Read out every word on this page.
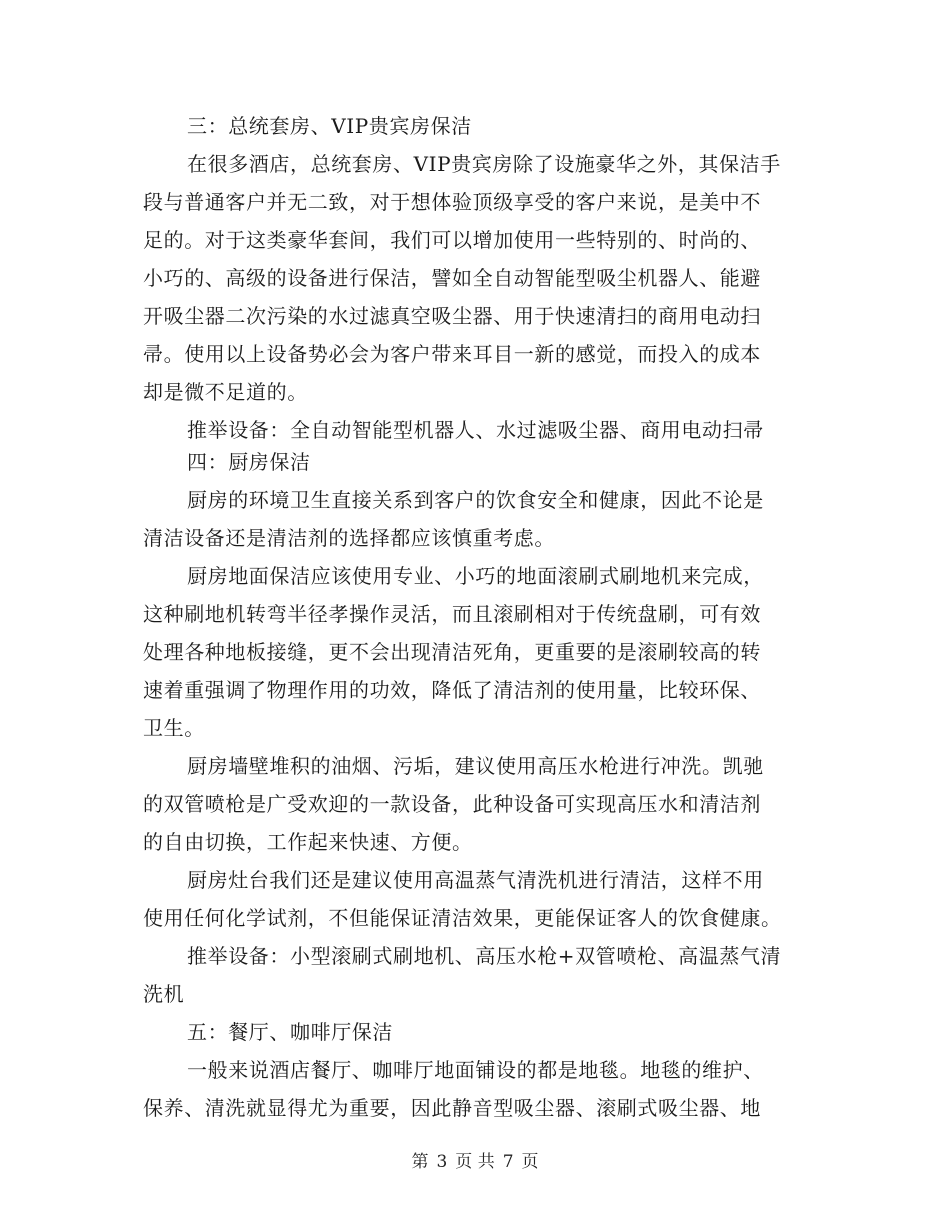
三：总统套房、VIP贵宾房保洁
在很多酒店，总统套房、VIP贵宾房除了设施豪华之外，其保洁手
段与普通客户并无二致，对于想体验顶级享受的客户来说，是美中不
足的。对于这类豪华套间，我们可以增加使用一些特别的、时尚的、
小巧的、高级的设备进行保洁，譬如全自动智能型吸尘机器人、能避
开吸尘器二次污染的水过滤真空吸尘器、用于快速清扫的商用电动扫
帚。使用以上设备势必会为客户带来耳目一新的感觉，而投入的成本
却是微不足道的。
推举设备：全自动智能型机器人、水过滤吸尘器、商用电动扫帚
四：厨房保洁
厨房的环境卫生直接关系到客户的饮食安全和健康，因此不论是
清洁设备还是清洁剂的选择都应该慎重考虑。
厨房地面保洁应该使用专业、小巧的地面滚刷式刷地机来完成，
这种刷地机转弯半径孝操作灵活，而且滚刷相对于传统盘刷，可有效
处理各种地板接缝，更不会出现清洁死角，更重要的是滚刷较高的转
速着重强调了物理作用的功效，降低了清洁剂的使用量，比较环保、
卫生。
厨房墙壁堆积的油烟、污垢，建议使用高压水枪进行冲洗。凯驰
的双管喷枪是广受欢迎的一款设备，此种设备可实现高压水和清洁剂
的自由切换，工作起来快速、方便。
厨房灶台我们还是建议使用高温蒸气清洗机进行清洁，这样不用
使用任何化学试剂，不但能保证清洁效果，更能保证客人的饮食健康。
推举设备：小型滚刷式刷地机、高压水枪+双管喷枪、高温蒸气清
洗机
五：餐厅、咖啡厅保洁
一般来说酒店餐厅、咖啡厅地面铺设的都是地毯。地毯的维护、
保养、清洗就显得尤为重要，因此静音型吸尘器、滚刷式吸尘器、地
第 3 页 共 7 页
